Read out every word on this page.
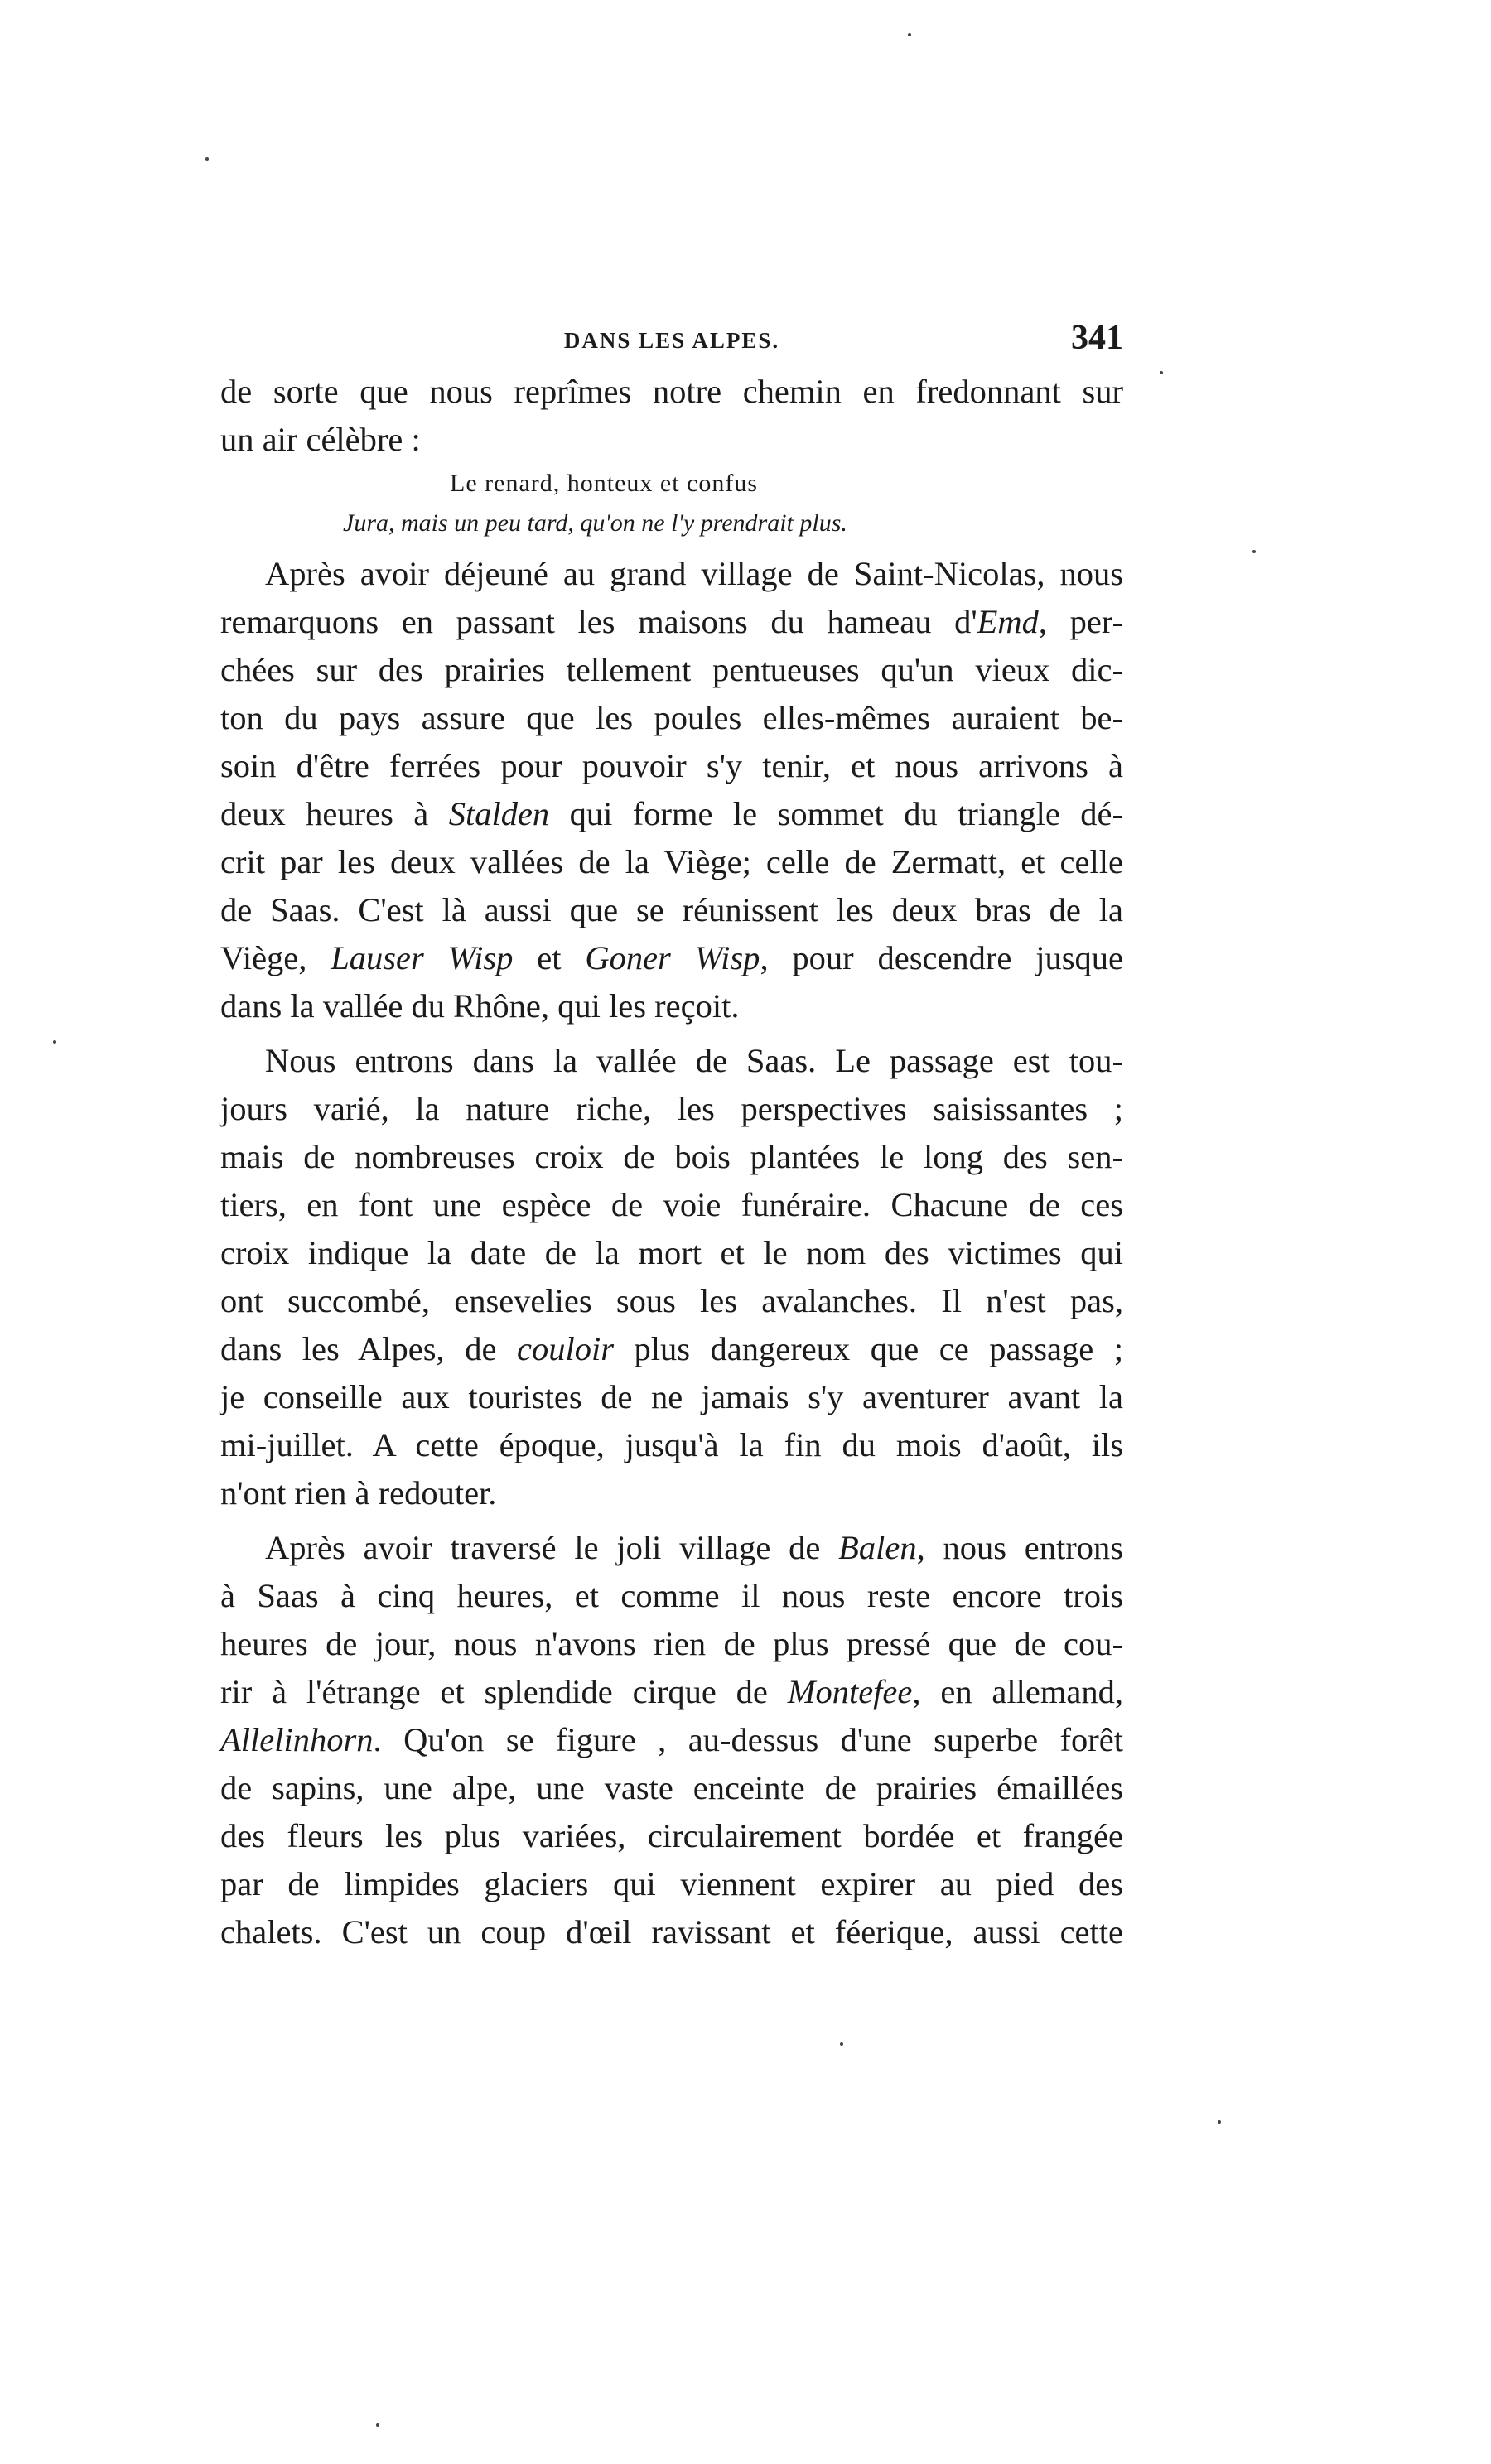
DANS LES ALPES.	341
de sorte que nous reprîmes notre chemin en fredonnant sur
un air célèbre :
Le renard, honteux et confus
Jura, mais un peu tard, qu'on ne l'y prendrait plus.
Après avoir déjeuné au grand village de Saint-Nicolas, nous
remarquons en passant les maisons du hameau d'Emd, per-
chées sur des prairies tellement pentueuses qu'un vieux dic-
ton du pays assure que les poules elles-mêmes auraient be-
soin d'être ferrées pour pouvoir s'y tenir, et nous arrivons à
deux heures à Stalden qui forme le sommet du triangle dé-
crit par les deux vallées de la Viège; celle de Zermatt, et celle
de Saas. C'est là aussi que se réunissent les deux bras de la
Viège, Lauser Wisp et Goner Wisp, pour descendre jusque
dans la vallée du Rhône, qui les reçoit.
Nous entrons dans la vallée de Saas. Le passage est tou-
jours varié, la nature riche, les perspectives saisissantes ;
mais de nombreuses croix de bois plantées le long des sen-
tiers, en font une espèce de voie funéraire. Chacune de ces
croix indique la date de la mort et le nom des victimes qui
ont succombé, ensevelies sous les avalanches. Il n'est pas,
dans les Alpes, de couloir plus dangereux que ce passage ;
je conseille aux touristes de ne jamais s'y aventurer avant la
mi-juillet. A cette époque, jusqu'à la fin du mois d'août, ils
n'ont rien à redouter.
Après avoir traversé le joli village de Balen, nous entrons
à Saas à cinq heures, et comme il nous reste encore trois
heures de jour, nous n'avons rien de plus pressé que de cou-
rir à l'étrange et splendide cirque de Montefee, en allemand,
Allelinhorn. Qu'on se figure , au-dessus d'une superbe forêt
de sapins, une alpe, une vaste enceinte de prairies émaillées
des fleurs les plus variées, circulairement bordée et frangée
par de limpides glaciers qui viennent expirer au pied des
chalets. C'est un coup d'œil ravissant et féerique, aussi cette
